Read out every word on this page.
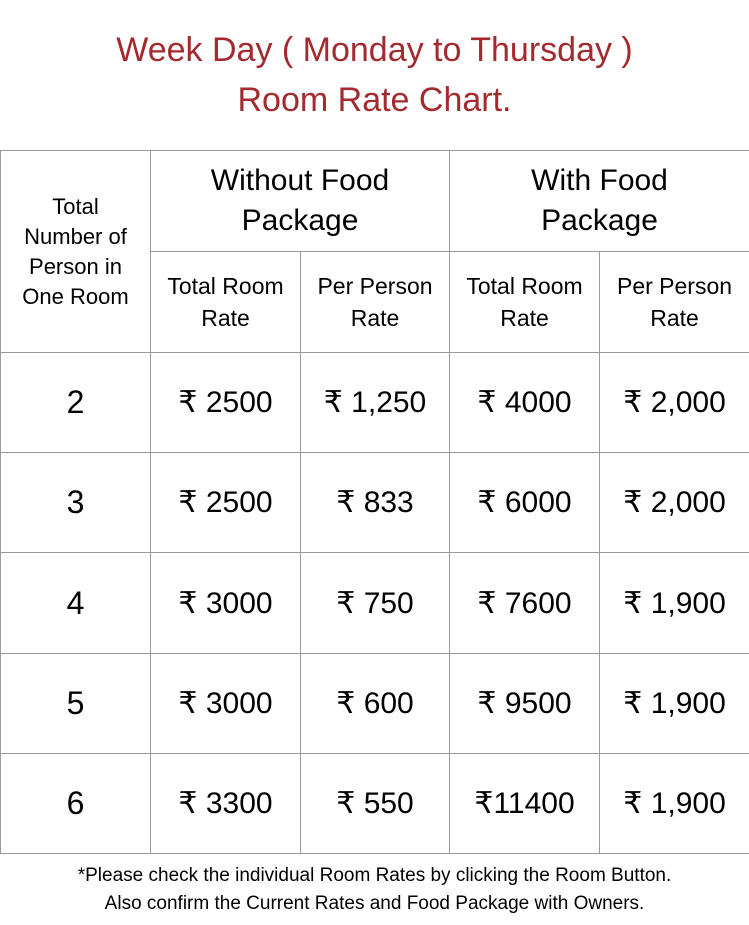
Week Day ( Monday to Thursday )
Room Rate Chart.
Total Number of Person in One Room	Without Food Package		With Food Package	
	Total Room Rate	Per Person Rate	Total Room Rate	Per Person Rate
2	₹ 2500	₹ 1,250	₹ 4000	₹ 2,000
3	₹ 2500	₹ 833	₹ 6000	₹ 2,000
4	₹ 3000	₹ 750	₹ 7600	₹ 1,900
5	₹ 3000	₹ 600	₹ 9500	₹ 1,900
6	₹ 3300	₹ 550	₹11400	₹ 1,900
*Please check the individual Room Rates by clicking the Room Button.
Also confirm the Current Rates and Food Package with Owners.
